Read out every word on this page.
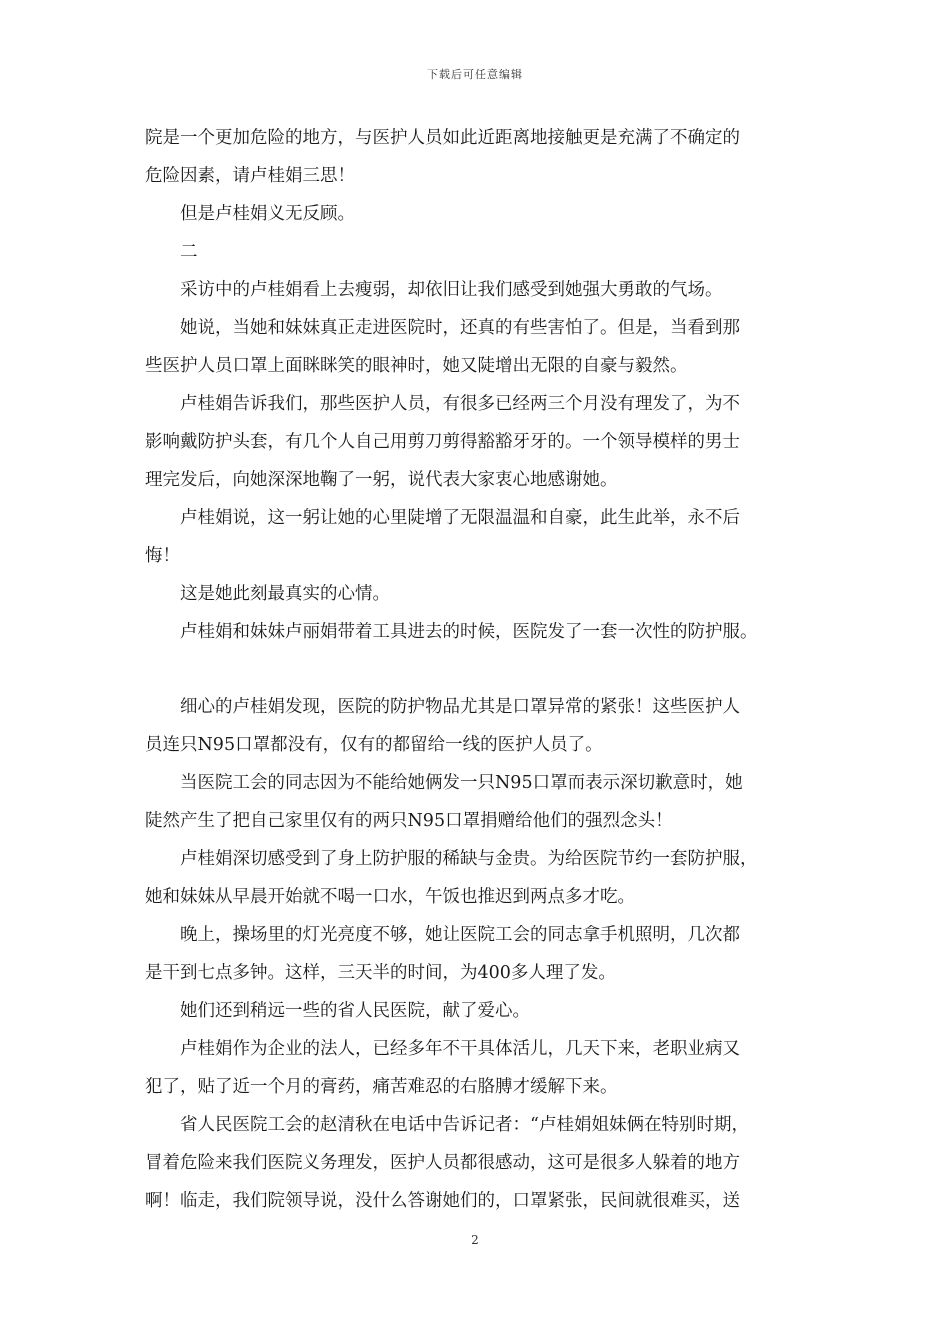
下载后可任意编辑
院是一个更加危险的地方，与医护人员如此近距离地接触更是充满了不确定的
危险因素，请卢桂娟三思！
但是卢桂娟义无反顾。
二
采访中的卢桂娟看上去瘦弱，却依旧让我们感受到她强大勇敢的气场。
她说，当她和妹妹真正走进医院时，还真的有些害怕了。但是，当看到那
些医护人员口罩上面眯眯笑的眼神时，她又陡增出无限的自豪与毅然。
卢桂娟告诉我们，那些医护人员，有很多已经两三个月没有理发了，为不
影响戴防护头套，有几个人自己用剪刀剪得豁豁牙牙的。一个领导模样的男士
理完发后，向她深深地鞠了一躬，说代表大家衷心地感谢她。
卢桂娟说，这一躬让她的心里陡增了无限温温和自豪，此生此举，永不后
悔！
这是她此刻最真实的心情。
卢桂娟和妹妹卢丽娟带着工具进去的时候，医院发了一套一次性的防护服。
细心的卢桂娟发现，医院的防护物品尤其是口罩异常的紧张！这些医护人
员连只N95口罩都没有，仅有的都留给一线的医护人员了。
当医院工会的同志因为不能给她俩发一只N95口罩而表示深切歉意时，她
陡然产生了把自己家里仅有的两只N95口罩捐赠给他们的强烈念头！
卢桂娟深切感受到了身上防护服的稀缺与金贵。为给医院节约一套防护服，
她和妹妹从早晨开始就不喝一口水，午饭也推迟到两点多才吃。
晚上，操场里的灯光亮度不够，她让医院工会的同志拿手机照明，几次都
是干到七点多钟。这样，三天半的时间，为400多人理了发。
她们还到稍远一些的省人民医院，献了爱心。
卢桂娟作为企业的法人，已经多年不干具体活儿，几天下来，老职业病又
犯了，贴了近一个月的膏药，痛苦难忍的右胳膊才缓解下来。
省人民医院工会的赵清秋在电话中告诉记者：“卢桂娟姐妹俩在特别时期，
冒着危险来我们医院义务理发，医护人员都很感动，这可是很多人躲着的地方
啊！临走，我们院领导说，没什么答谢她们的，口罩紧张，民间就很难买，送
2
